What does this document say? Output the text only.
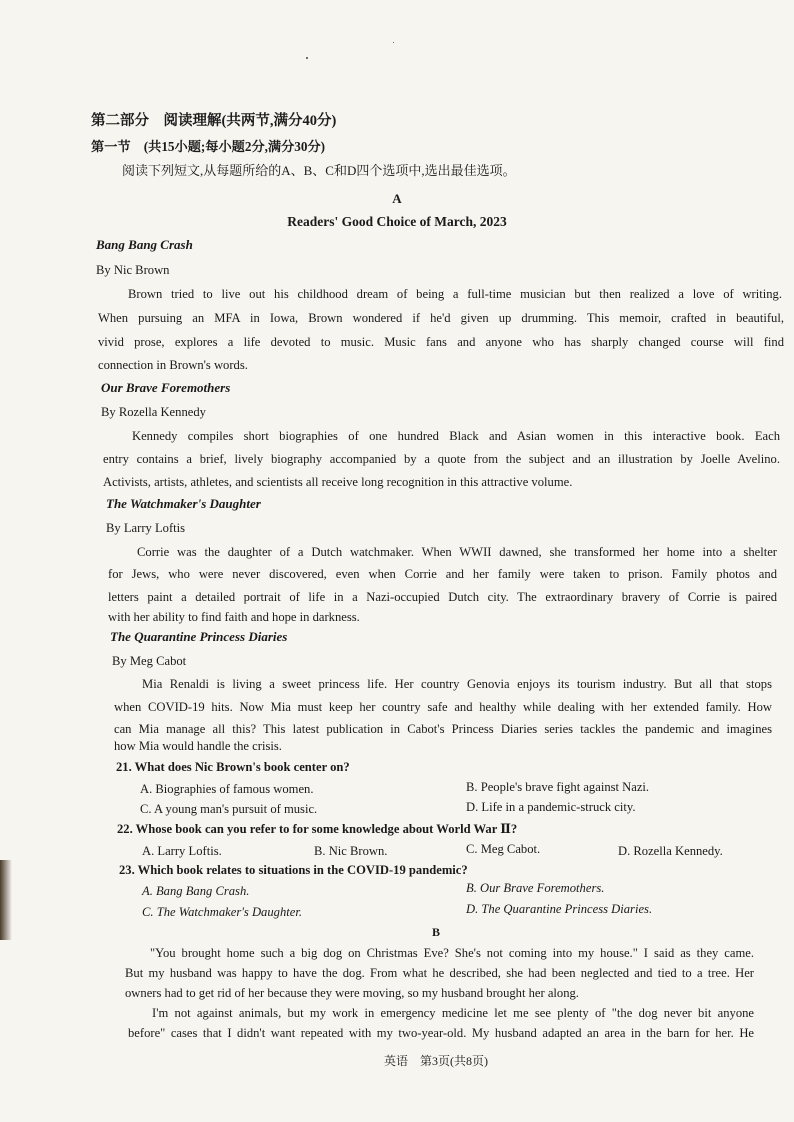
第二部分　阅读理解(共两节,满分40分)
第一节　(共15小题;每小题2分,满分30分)
阅读下列短文,从每题所给的A、B、C和D四个选项中,选出最佳选项。
A
Readers' Good Choice of March, 2023
Bang Bang Crash
By Nic Brown
Brown tried to live out his childhood dream of being a full-time musician but then realized a love of writing.
When pursuing an MFA in Iowa, Brown wondered if he'd given up drumming. This memoir, crafted in beautiful,
vivid prose, explores a life devoted to music. Music fans and anyone who has sharply changed course will find
connection in Brown's words.
Our Brave Foremothers
By Rozella Kennedy
Kennedy compiles short biographies of one hundred Black and Asian women in this interactive book. Each
entry contains a brief, lively biography accompanied by a quote from the subject and an illustration by Joelle Avelino.
Activists, artists, athletes, and scientists all receive long recognition in this attractive volume.
The Watchmaker's Daughter
By Larry Loftis
Corrie was the daughter of a Dutch watchmaker. When WWII dawned, she transformed her home into a shelter
for Jews, who were never discovered, even when Corrie and her family were taken to prison. Family photos and
letters paint a detailed portrait of life in a Nazi-occupied Dutch city. The extraordinary bravery of Corrie is paired
with her ability to find faith and hope in darkness.
The Quarantine Princess Diaries
By Meg Cabot
Mia Renaldi is living a sweet princess life. Her country Genovia enjoys its tourism industry. But all that stops
when COVID-19 hits. Now Mia must keep her country safe and healthy while dealing with her extended family. How
can Mia manage all this? This latest publication in Cabot's Princess Diaries series tackles the pandemic and imagines
how Mia would handle the crisis.
21. What does Nic Brown's book center on?
A. Biographies of famous women.	B. People's brave fight against Nazi.
C. A young man's pursuit of music.	D. Life in a pandemic-struck city.
22. Whose book can you refer to for some knowledge about World War Ⅱ?
A. Larry Loftis.	B. Nic Brown.	C. Meg Cabot.	D. Rozella Kennedy.
23. Which book relates to situations in the COVID-19 pandemic?
A. Bang Bang Crash.	B. Our Brave Foremothers.
C. The Watchmaker's Daughter.	D. The Quarantine Princess Diaries.
B
"You brought home such a big dog on Christmas Eve? She's not coming into my house." I said as they came.
But my husband was happy to have the dog. From what he described, she had been neglected and tied to a tree. Her
owners had to get rid of her because they were moving, so my husband brought her along.
I'm not against animals, but my work in emergency medicine let me see plenty of "the dog never bit anyone
before" cases that I didn't want repeated with my two-year-old. My husband adapted an area in the barn for her. He
英语　第3页(共8页)
